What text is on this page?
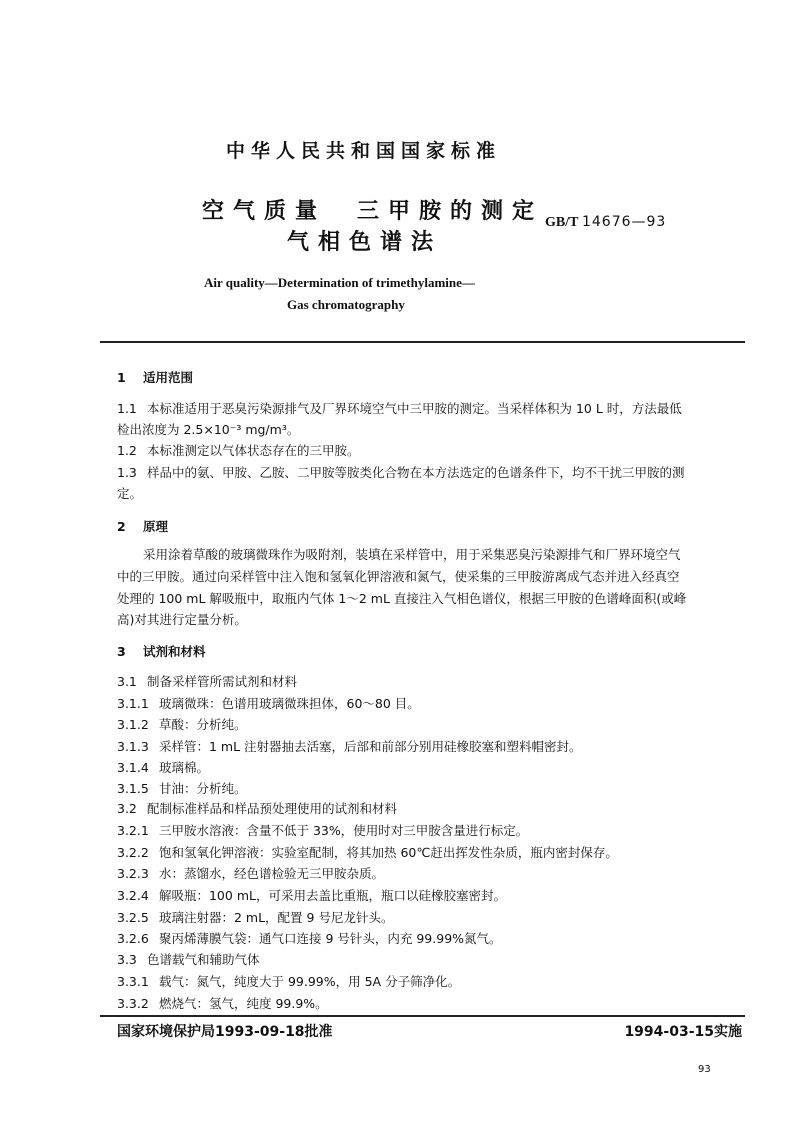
中华人民共和国国家标准
空气质量　三甲胺的测定
气相色谱法
GB/T 14676—93
Air quality—Determination of trimethylamine—
Gas chromatography
1 适用范围
1.1 本标准适用于恶臭污染源排气及厂界环境空气中三甲胺的测定。当采样体积为 10 L 时，方法最低
检出浓度为 2.5×10⁻³ mg/m³。
1.2 本标准测定以气体状态存在的三甲胺。
1.3 样品中的氨、甲胺、乙胺、二甲胺等胺类化合物在本方法选定的色谱条件下，均不干扰三甲胺的测
定。
2 原理
采用涂着草酸的玻璃微珠作为吸附剂，装填在采样管中，用于采集恶臭污染源排气和厂界环境空气
中的三甲胺。通过向采样管中注入饱和氢氧化钾溶液和氮气，使采集的三甲胺游离成气态并进入经真空
处理的 100 mL 解吸瓶中，取瓶内气体 1～2 mL 直接注入气相色谱仪，根据三甲胺的色谱峰面积(或峰
高)对其进行定量分析。
3 试剂和材料
3.1 制备采样管所需试剂和材料
3.1.1 玻璃微珠：色谱用玻璃微珠担体，60～80 目。
3.1.2 草酸：分析纯。
3.1.3 采样管：1 mL 注射器抽去活塞，后部和前部分别用硅橡胶塞和塑料帽密封。
3.1.4 玻璃棉。
3.1.5 甘油：分析纯。
3.2 配制标准样品和样品预处理使用的试剂和材料
3.2.1 三甲胺水溶液：含量不低于 33%，使用时对三甲胺含量进行标定。
3.2.2 饱和氢氧化钾溶液：实验室配制，将其加热 60℃赶出挥发性杂质，瓶内密封保存。
3.2.3 水：蒸馏水，经色谱检验无三甲胺杂质。
3.2.4 解吸瓶：100 mL，可采用去盖比重瓶，瓶口以硅橡胶塞密封。
3.2.5 玻璃注射器：2 mL，配置 9 号尼龙针头。
3.2.6 聚丙烯薄膜气袋：通气口连接 9 号针头，内充 99.99%氮气。
3.3 色谱载气和辅助气体
3.3.1 载气：氮气，纯度大于 99.99%，用 5A 分子筛净化。
3.3.2 燃烧气：氢气，纯度 99.9%。
国家环境保护局1993-09-18批准	1994-03-15实施
93
